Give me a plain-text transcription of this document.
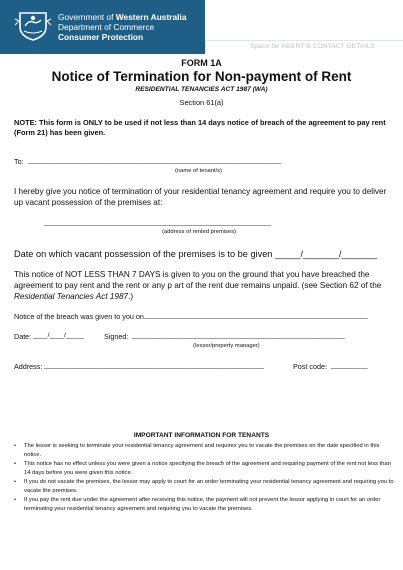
Government of Western Australia
Department of Commerce
Consumer Protection
Space for AGENT'S CONTACT DETAILS
FORM 1A
Notice of Termination for Non-payment of Rent
RESIDENTIAL TENANCIES ACT 1987 (WA)
Section 61(a)
NOTE: This form is ONLY to be used if not less than 14 days notice of breach of the agreement to pay rent (Form 21) has been given.
To: _____________________________________________________________________
(name of tenant/s)
I hereby give you notice of termination of your residential tenancy agreement and require you to deliver up vacant possession of the premises at:
______________________________________________________________
(address of rented premises)
Date on which vacant possession of the premises is to be given _____/_______/_______
This notice of NOT LESS THAN 7 DAYS is given to you on the ground that you have breached the agreement to pay rent and the rent or any p art of the rent due remains unpaid. (see Section 62 of the Residential Tenancies Act 1987.)
Notice of the breach was given to you on _____________________________________________________________
Date: ____/____/_____	Signed: __________________________________________________________
(lessor/property manager)
Address: ____________________________________________________________	Post code: __________
IMPORTANT INFORMATION FOR TENANTS
• The lessor is seeking to terminate your residential tenancy agreement and requires you to vacate the premises on the date specified in this notice.
• This notice has no effect unless you were given a notice specifying the breach of the agreement and requiring payment of the rent not less than 14 days before you were given this notice.
• If you do not vacate the premises, the lessor may apply to court for an order terminating your residential tenancy agreement and requiring you to vacate the premises.
• If you pay the rent due under the agreement after receiving this notice, the payment will not prevent the lessor applying in court for an order terminating your residential tenancy agreement and requiring you to vacate the premises.
